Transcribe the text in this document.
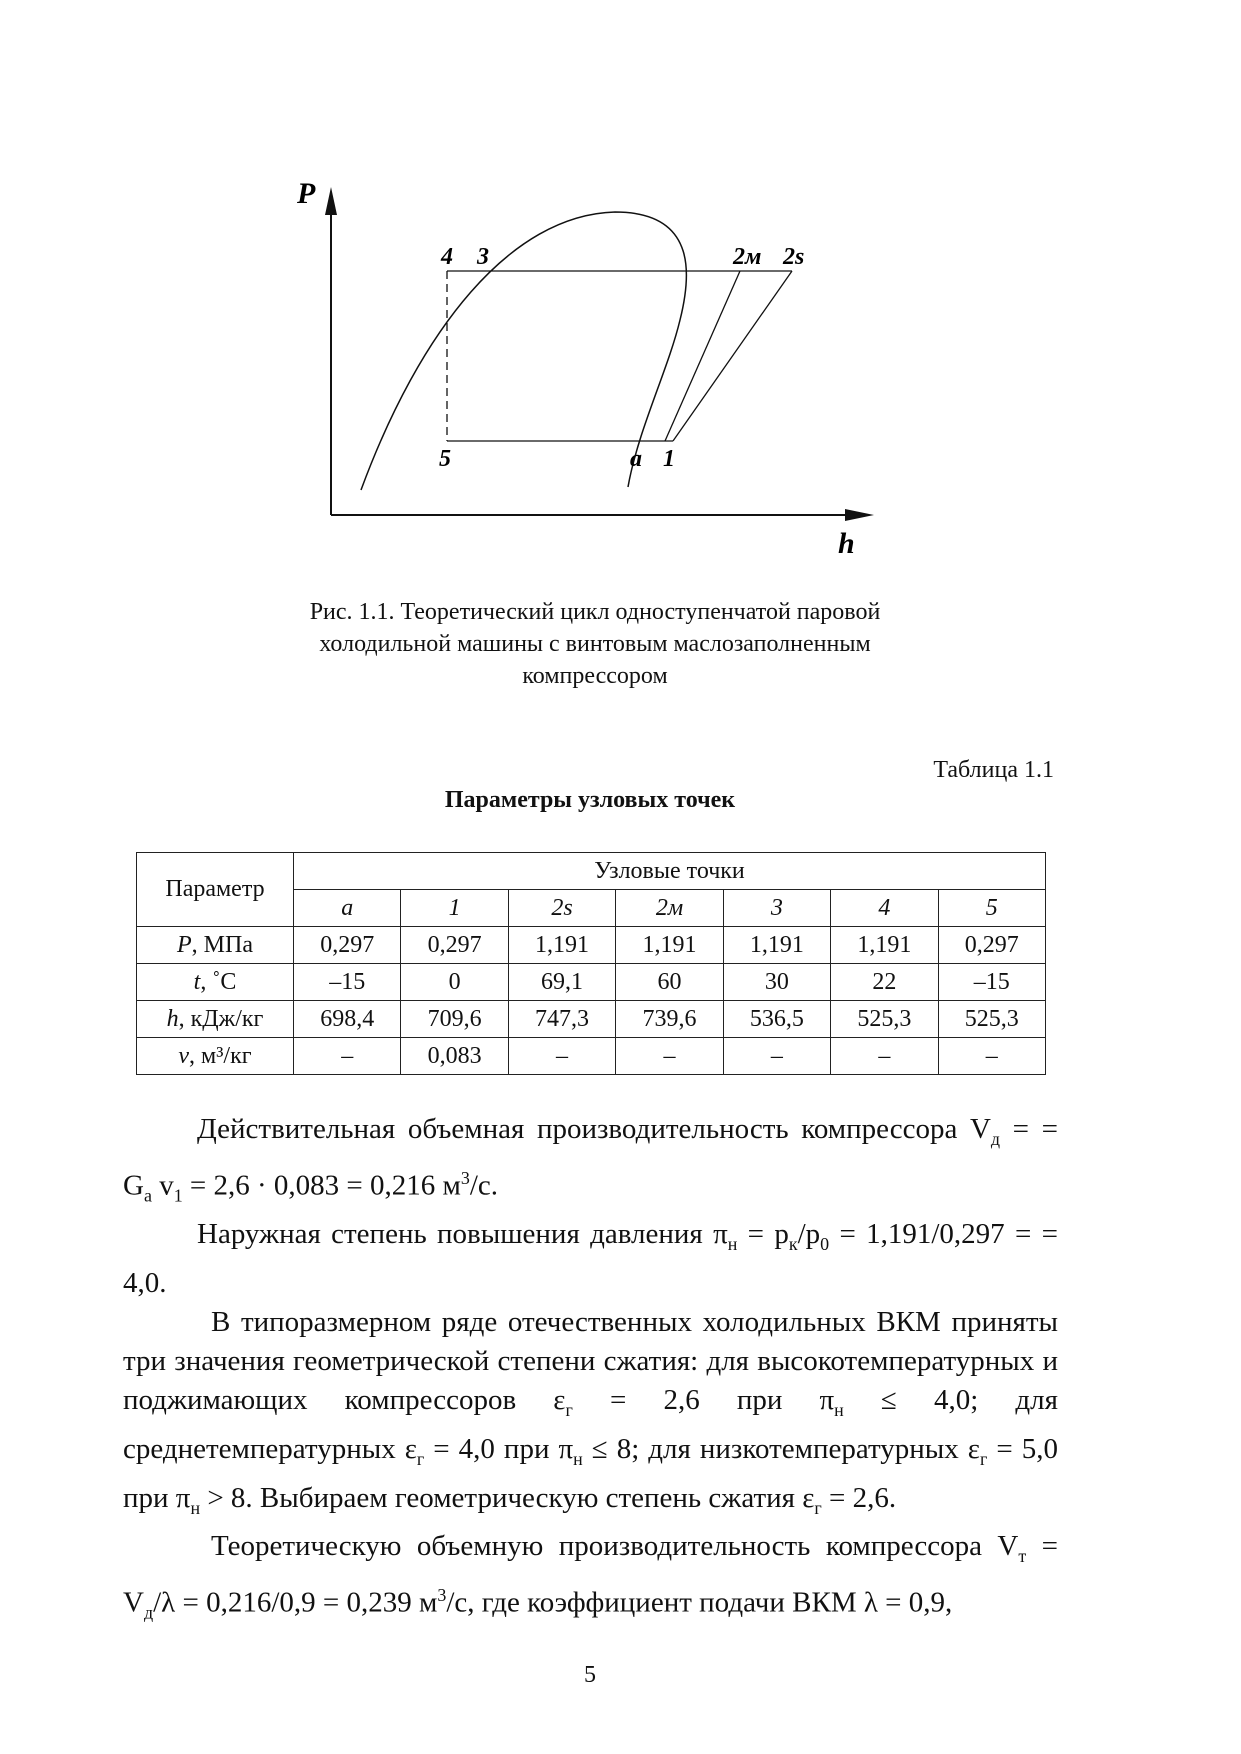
P
h
4 3	2м 2s
5	a 1
Рис. 1.1. Теоретический цикл одноступенчатой паровой
холодильной машины с винтовым маслозаполненным
компрессором
Таблица 1.1
Параметры узловых точек
Параметр	Узловые точки						
	a	1	2s	2м	3	4	5
P, МПа	0,297	0,297	1,191	1,191	1,191	1,191	0,297
t, ˚С	–15	0	69,1	60	30	22	–15
h, кДж/кг	698,4	709,6	747,3	739,6	536,5	525,3	525,3
v, м³/кг	–	0,083	–	–	–	–	–

Действительная объемная производительность компрессора $V_д$ = = $G_а$ $v_1 = 2,6 \cdot 0,083 = 0,216$ $м^3/с$.

Наружная степень повышения давления $\pi_н = p_к/p_0 = 1,191/0,297$ = = 4,0.

В типоразмерном ряде отечественных холодильных ВКМ приняты три значения геометрической степени сжатия: для высокотемпературных и поджимающих компрессоров $\varepsilon_г = 2,6$ при $\pi_н \le 4,0$; для среднетемпературных $\varepsilon_г = 4,0$ при $\pi_н \le 8$; для низкотемпературных $\varepsilon_г = 5,0$ при $\pi_н > 8$. Выбираем геометрическую степень сжатия $\varepsilon_г = 2,6$.

Теоретическую объемную производительность компрессора $V_т = V_д/\lambda = 0,216/0,9 = 0,239$ $м^3/с$, где коэффициент подачи ВКМ λ = 0,9,

5
